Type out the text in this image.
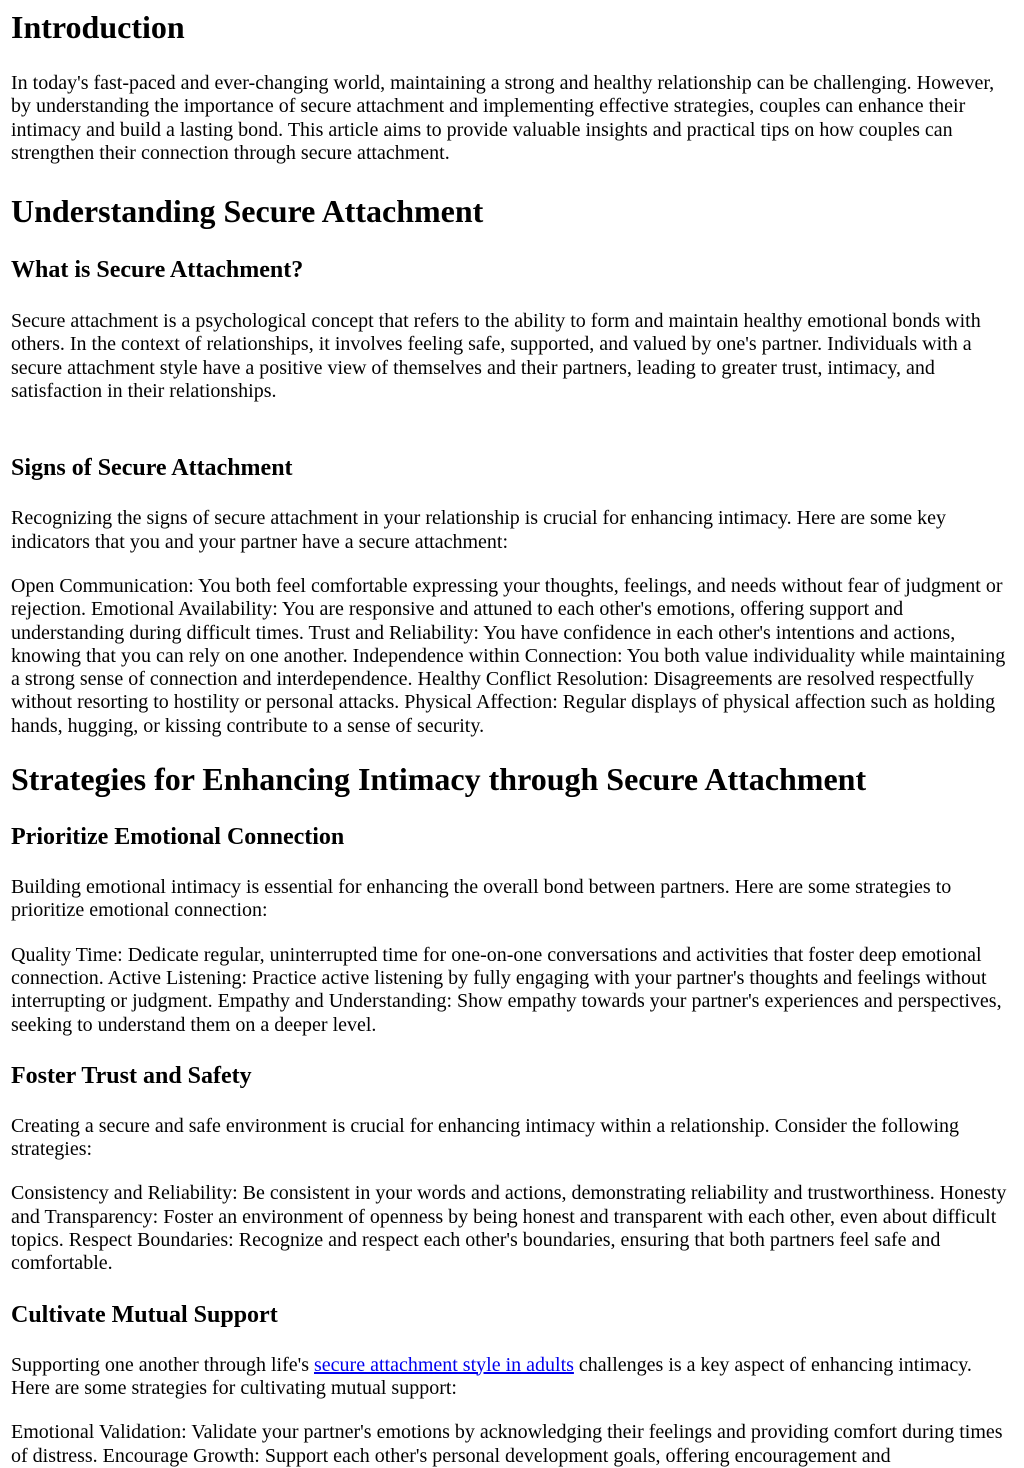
Introduction

In today's fast-paced and ever-changing world, maintaining a strong and healthy relationship can be challenging. However, by understanding the importance of secure attachment and implementing effective strategies, couples can enhance their intimacy and build a lasting bond. This article aims to provide valuable insights and practical tips on how couples can strengthen their connection through secure attachment.

Understanding Secure Attachment
What is Secure Attachment?

Secure attachment is a psychological concept that refers to the ability to form and maintain healthy emotional bonds with others. In the context of relationships, it involves feeling safe, supported, and valued by one's partner. Individuals with a secure attachment style have a positive view of themselves and their partners, leading to greater trust, intimacy, and satisfaction in their relationships.

Signs of Secure Attachment

Recognizing the signs of secure attachment in your relationship is crucial for enhancing intimacy. Here are some key indicators that you and your partner have a secure attachment:

Open Communication: You both feel comfortable expressing your thoughts, feelings, and needs without fear of judgment or rejection. Emotional Availability: You are responsive and attuned to each other's emotions, offering support and understanding during difficult times. Trust and Reliability: You have confidence in each other's intentions and actions, knowing that you can rely on one another. Independence within Connection: You both value individuality while maintaining a strong sense of connection and interdependence. Healthy Conflict Resolution: Disagreements are resolved respectfully without resorting to hostility or personal attacks. Physical Affection: Regular displays of physical affection such as holding hands, hugging, or kissing contribute to a sense of security.

Strategies for Enhancing Intimacy through Secure Attachment
Prioritize Emotional Connection

Building emotional intimacy is essential for enhancing the overall bond between partners. Here are some strategies to prioritize emotional connection:

Quality Time: Dedicate regular, uninterrupted time for one-on-one conversations and activities that foster deep emotional connection. Active Listening: Practice active listening by fully engaging with your partner's thoughts and feelings without interrupting or judgment. Empathy and Understanding: Show empathy towards your partner's experiences and perspectives, seeking to understand them on a deeper level.

Foster Trust and Safety

Creating a secure and safe environment is crucial for enhancing intimacy within a relationship. Consider the following strategies:

Consistency and Reliability: Be consistent in your words and actions, demonstrating reliability and trustworthiness. Honesty and Transparency: Foster an environment of openness by being honest and transparent with each other, even about difficult topics. Respect Boundaries: Recognize and respect each other's boundaries, ensuring that both partners feel safe and comfortable.

Cultivate Mutual Support

Supporting one another through life's secure attachment style in adults challenges is a key aspect of enhancing intimacy. Here are some strategies for cultivating mutual support:

Emotional Validation: Validate your partner's emotions by acknowledging their feelings and providing comfort during times of distress. Encourage Growth: Support each other's personal development goals, offering encouragement and
